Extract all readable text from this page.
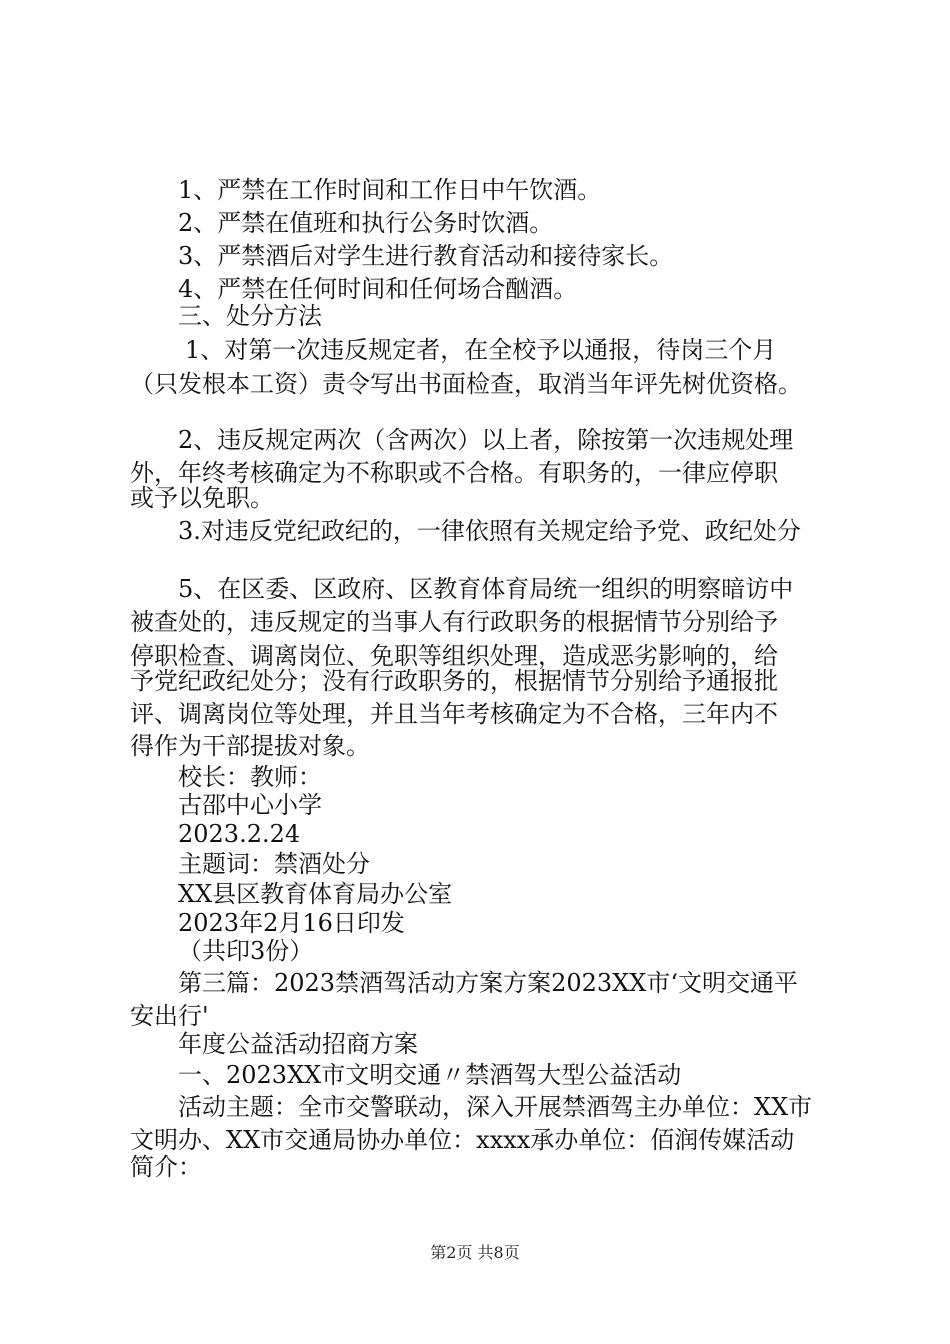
1、严禁在工作时间和工作日中午饮酒。

2、严禁在值班和执行公务时饮酒。

3、严禁酒后对学生进行教育活动和接待家长。

4、严禁在任何时间和任何场合酗酒。

三、处分方法

1、对第一次违反规定者，在全校予以通报，待岗三个月

（只发根本工资）责令写出书面检查，取消当年评先树优资格。

2、违反规定两次（含两次）以上者，除按第一次违规处理

外，年终考核确定为不称职或不合格。有职务的，一律应停职

或予以免职。

3.对违反党纪政纪的，一律依照有关规定给予党、政纪处分

5、在区委、区政府、区教育体育局统一组织的明察暗访中

被查处的，违反规定的当事人有行政职务的根据情节分别给予

停职检查、调离岗位、免职等组织处理，造成恶劣影响的，给

予党纪政纪处分；没有行政职务的，根据情节分别给予通报批

评、调离岗位等处理，并且当年考核确定为不合格，三年内不

得作为干部提拔对象。

校长：教师：

古邵中心小学

2023.2.24

主题词：禁酒处分

XX县区教育体育局办公室

2023年2月16日印发

（共印3份）

第三篇：2023禁酒驾活动方案方案2023XX市‘文明交通平

安出行'

年度公益活动招商方案

一、2023XX市文明交通〃禁酒驾大型公益活动

活动主题：全市交警联动，深入开展禁酒驾主办单位：XX市

文明办、XX市交通局协办单位：xxxx承办单位：佰润传媒活动

简介：

第2页 共8页
